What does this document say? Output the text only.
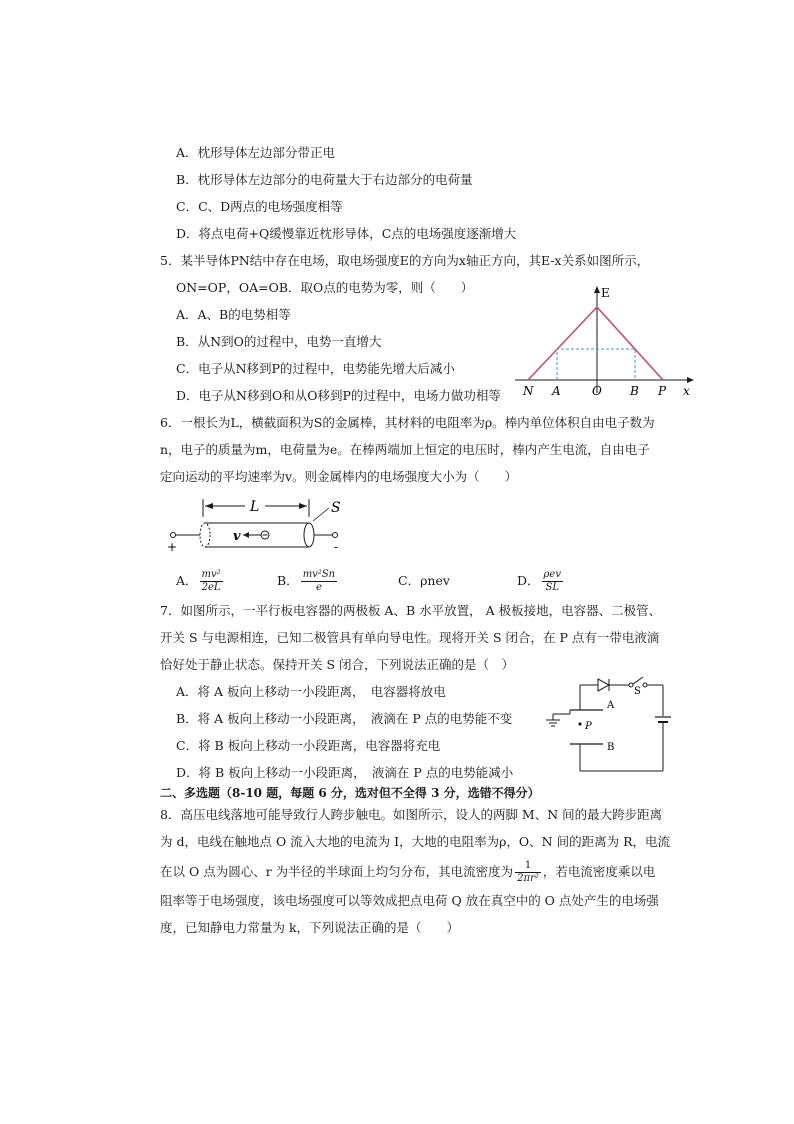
A．枕形导体左边部分带正电
B．枕形导体左边部分的电荷量大于右边部分的电荷量
C．C、D两点的电场强度相等
D．将点电荷+Q缓慢靠近枕形导体，C点的电场强度逐渐增大
5．某半导体PN结中存在电场，取电场强度E的方向为x轴正方向，其E-x关系如图所示，
ON=OP，OA=OB．取O点的电势为零，则（　　）
A．A、B的电势相等
B．从N到O的过程中，电势一直增大
C．电子从N移到P的过程中，电势能先增大后减小
D．电子从N移到O和从O移到P的过程中，电场力做功相等
E
x
N A	O B P
6．一根长为L，横截面积为S的金属棒，其材料的电阻率为ρ。棒内单位体积自由电子数为
n，电子的质量为m，电荷量为e。在棒两端加上恒定的电压时，棒内产生电流，自由电子
定向运动的平均速率为v。则金属棒内的电场强度大小为（　　）
L	S
v
+	-
A． $\frac{\text{mv²}}{2eL}$	B． $\frac{\text{mv²Sn}}{e}$	C．ρnev	D． $\frac{\text{ρev}}{SL}$
7．如图所示，一平行板电容器的两极板 A、B 水平放置， A 极板接地，电容器、二极管、
开关 S 与电源相连，已知二极管具有单向导电性。现将开关 S 闭合，在 P 点有一带电液滴
恰好处于静止状态。保持开关 S 闭合，下列说法正确的是（　）
A．将 A 板向上移动一小段距离，　电容器将放电
B．将 A 板向上移动一小段距离，　液滴在 P 点的电势能不变
C．将 B 板向上移动一小段距离，电容器将充电
D．将 B 板向上移动一小段距离，　液滴在 P 点的电势能减小
S
A
P
B
二、多选题（8-10 题，每题 6 分，选对但不全得 3 分，选错不得分）
8．高压电线落地可能导致行人跨步触电。如图所示，设人的两脚 M、N 间的最大跨步距离
为 d，电线在触地点 O 流入大地的电流为 I，大地的电阻率为ρ，O、N 间的距离为 R，电流
在以 O 点为圆心、r 为半径的半球面上均匀分布，其电流密度为 $\frac{1}{\text{2πr²}}$ ，若电流密度乘以电
阻率等于电场强度，该电场强度可以等效成把点电荷 Q 放在真空中的 O 点处产生的电场强
度，已知静电力常量为 k，下列说法正确的是（　　）
